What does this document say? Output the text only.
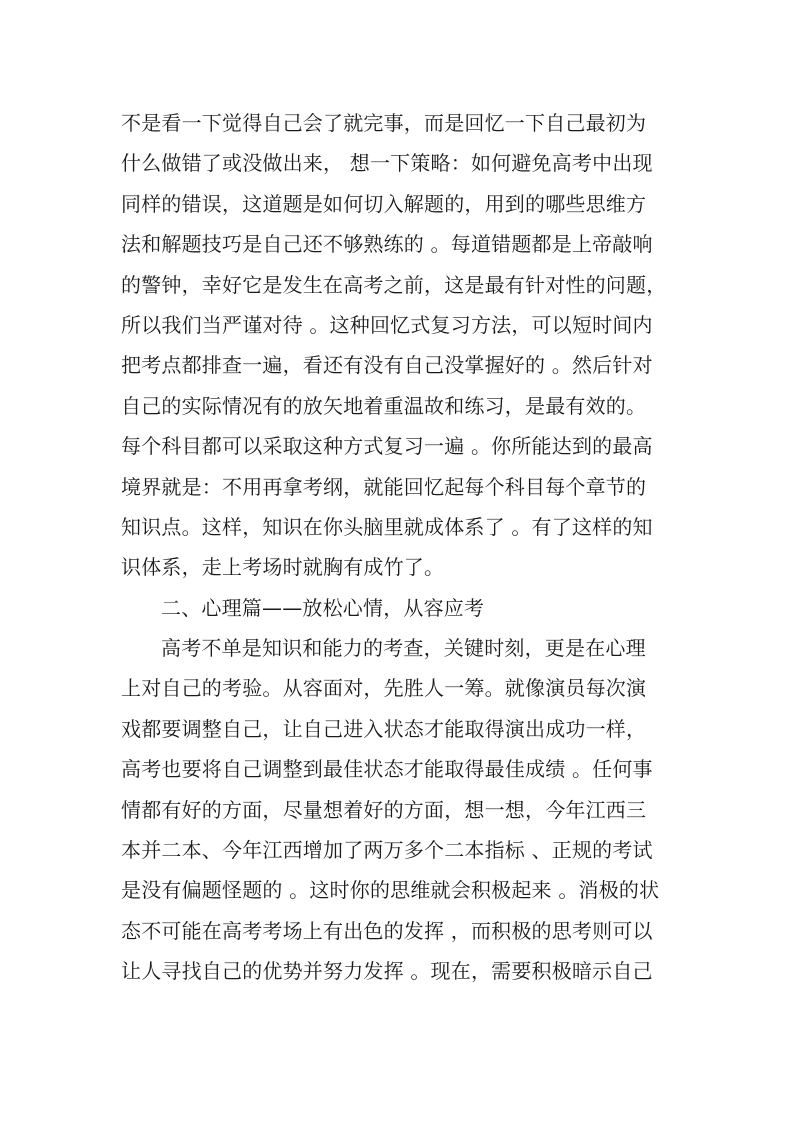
不是看一下觉得自己会了就完事，而是回忆一下自己最初为
什么做错了或没做出来， 想一下策略：如何避免高考中出现
同样的错误，这道题是如何切入解题的，用到的哪些思维方
法和解题技巧是自己还不够熟练的 。每道错题都是上帝敲响
的警钟，幸好它是发生在高考之前，这是最有针对性的问题，
所以我们当严谨对待 。这种回忆式复习方法，可以短时间内
把考点都排查一遍，看还有没有自己没掌握好的 。然后针对
自己的实际情况有的放矢地着重温故和练习，是最有效的。
每个科目都可以采取这种方式复习一遍 。你所能达到的最高
境界就是：不用再拿考纲，就能回忆起每个科目每个章节的
知识点。这样，知识在你头脑里就成体系了 。有了这样的知
识体系，走上考场时就胸有成竹了。
二、心理篇——放松心情，从容应考
高考不单是知识和能力的考查，关键时刻，更是在心理
上对自己的考验。从容面对，先胜人一筹。就像演员每次演
戏都要调整自己，让自己进入状态才能取得演出成功一样，
高考也要将自己调整到最佳状态才能取得最佳成绩 。任何事
情都有好的方面，尽量想着好的方面，想一想，今年江西三
本并二本、今年江西增加了两万多个二本指标 、正规的考试
是没有偏题怪题的 。这时你的思维就会积极起来 。消极的状
态不可能在高考考场上有出色的发挥 ，而积极的思考则可以
让人寻找自己的优势并努力发挥 。现在，需要积极暗示自己
